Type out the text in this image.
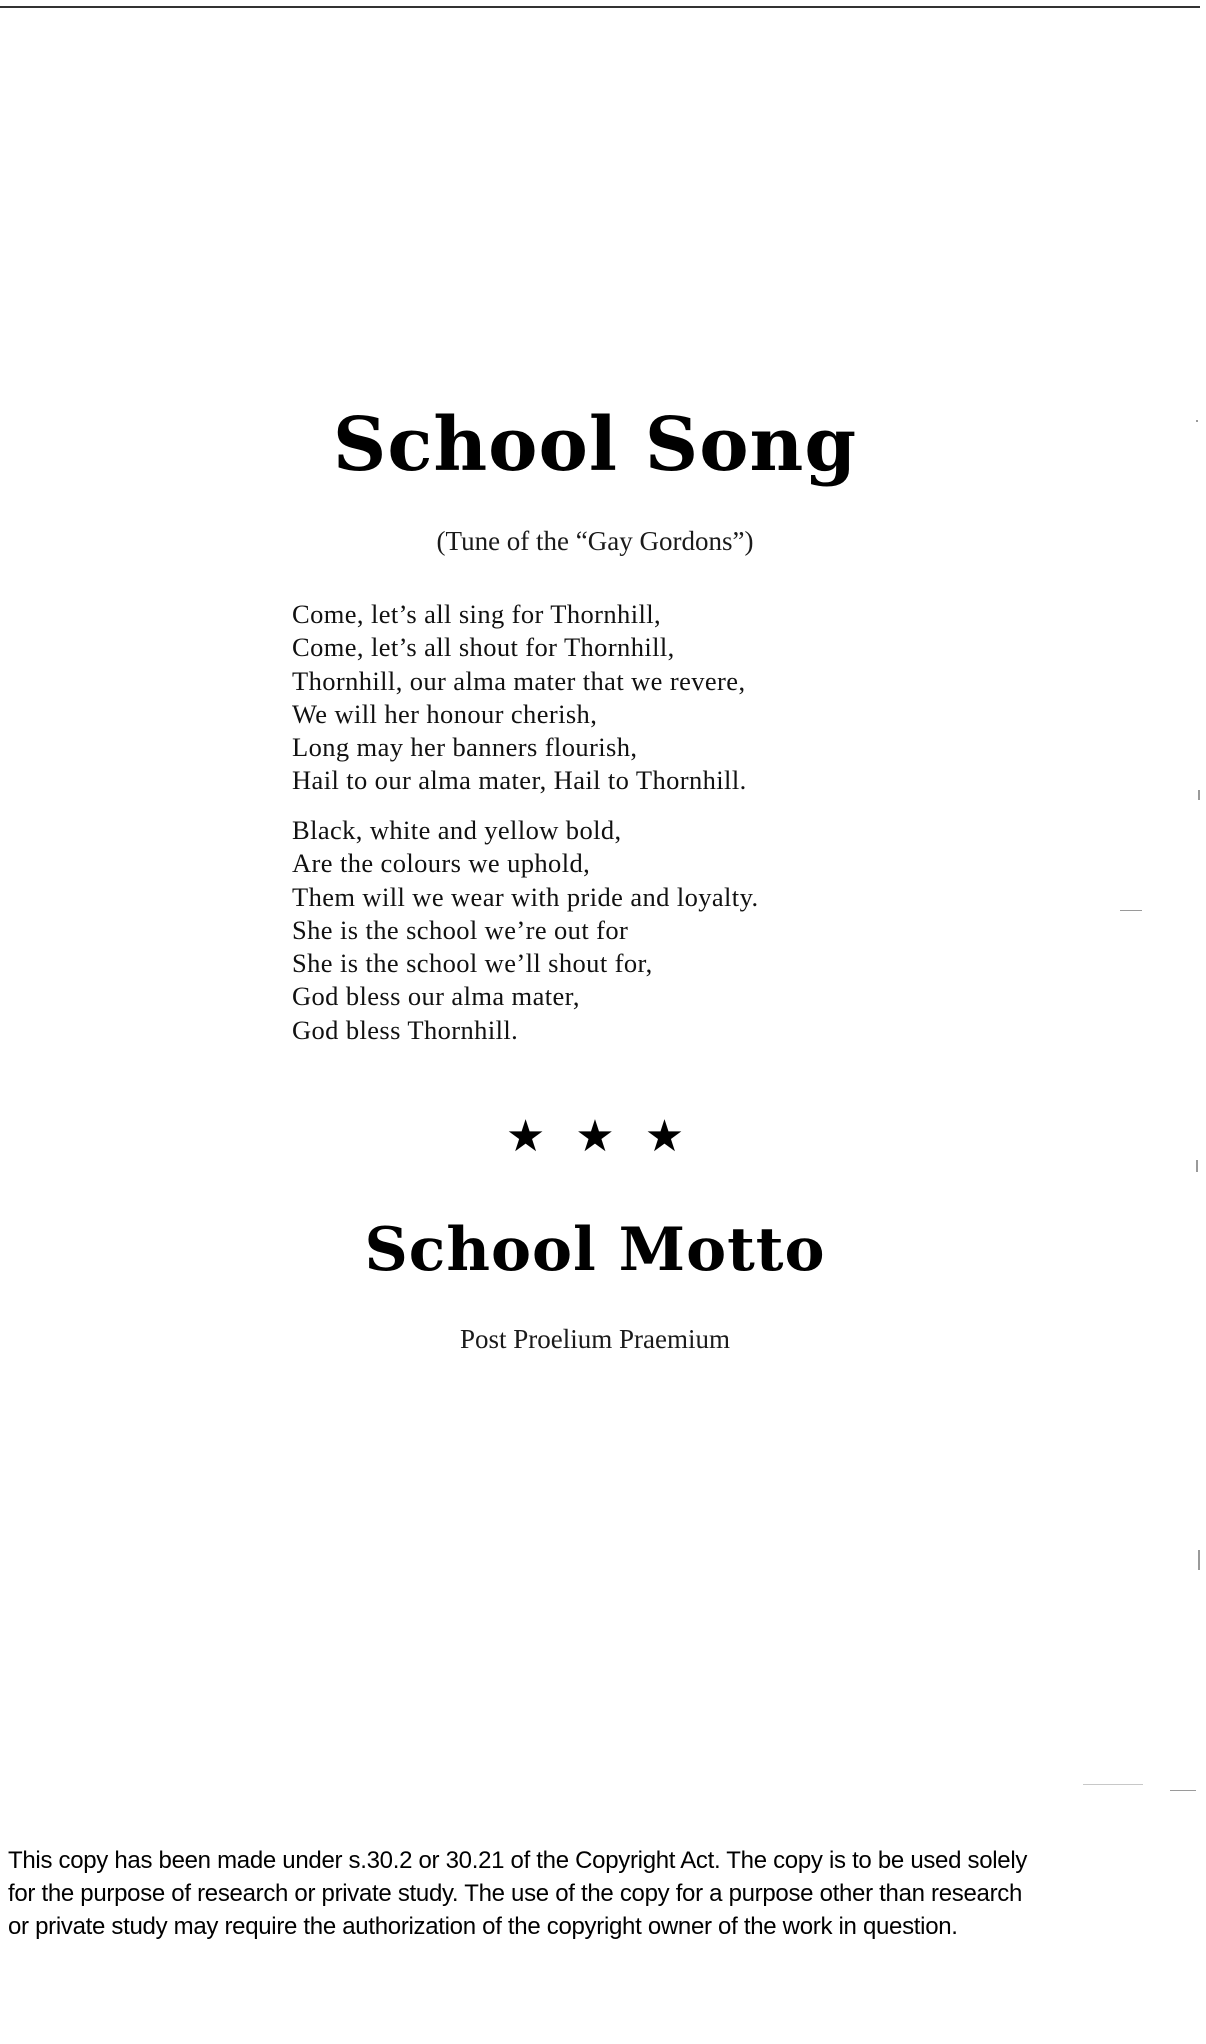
School Song

(Tune of the “Gay Gordons”)

Come, let’s all sing for Thornhill,
Come, let’s all shout for Thornhill,
Thornhill, our alma mater that we revere,
We will her honour cherish,
Long may her banners flourish,
Hail to our alma mater, Hail to Thornhill.
Black, white and yellow bold,
Are the colours we uphold,
Them will we wear with pride and loyalty.
She is the school we’re out for
She is the school we’ll shout for,
God bless our alma mater,
God bless Thornhill.
★★★
School Motto

Post Proelium Praemium

This copy has been made under s.30.2 or 30.21 of the Copyright Act. The copy is to be used solely
for the purpose of research or private study. The use of the copy for a purpose other than research
or private study may require the authorization of the copyright owner of the work in question.
